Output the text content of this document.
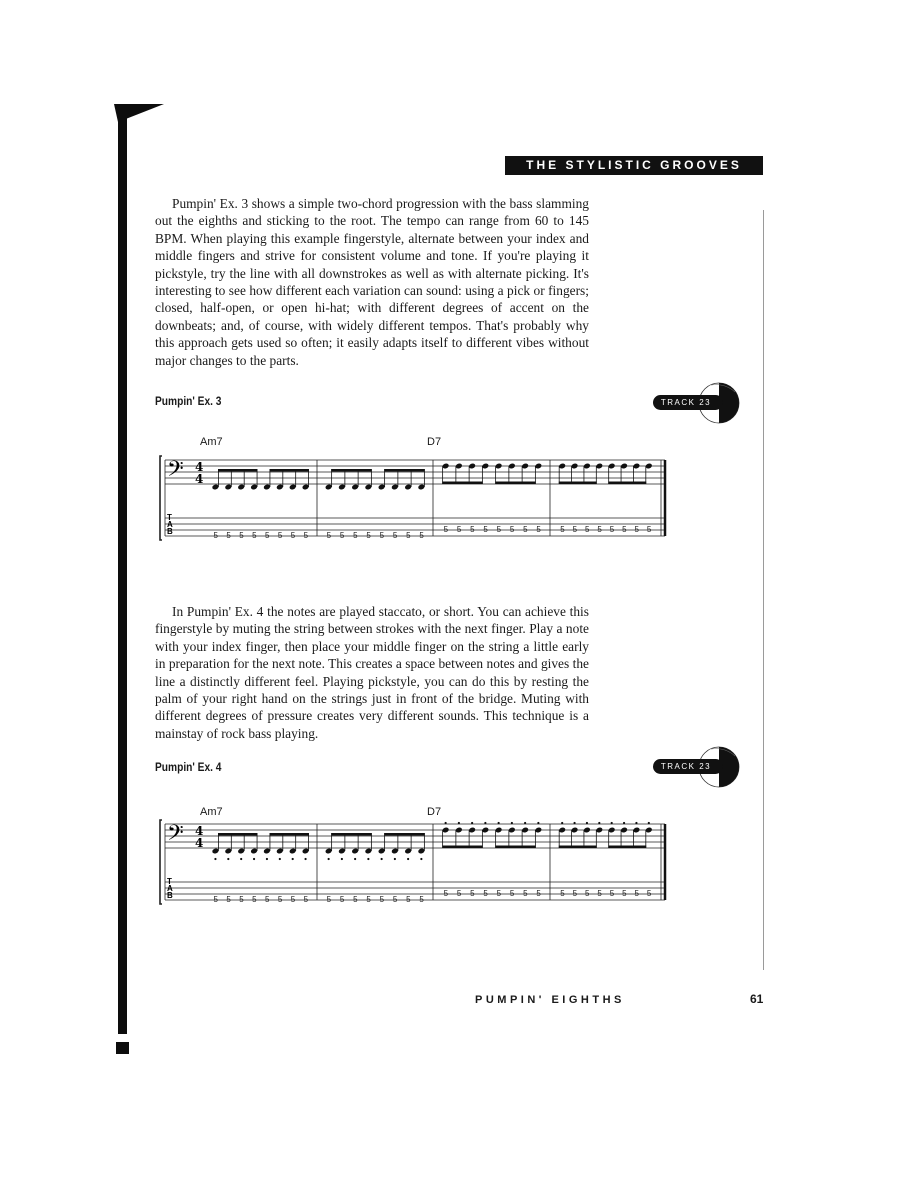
THE STYLISTIC GROOVES

Pumpin' Ex. 3 shows a simple two-chord progression with the bass slamming out the eighths and sticking to the root. The tempo can range from 60 to 145 BPM. When playing this example fingerstyle, alternate between your index and middle fingers and strive for consistent volume and tone. If you're playing it pickstyle, try the line with all downstrokes as well as with alternate picking. It's interesting to see how different each variation can sound: using a pick or fingers; closed, half-open, or open hi-hat; with different degrees of accent on the downbeats; and, of course, with widely different tempos. That's probably why this approach gets used so often; it easily adapts itself to different vibes without major changes to the parts.

Pumpin' Ex. 3	TRACK 23
Am7	D7
𝄢 4
4
T
A
B	5 5 5 5 5 5 5 5 5 5 5 5 5 5 5 5
5 5 5 5 5 5 5 5 5 5 5 5 5 5 5 5

In Pumpin' Ex. 4 the notes are played staccato, or short. You can achieve this fingerstyle by muting the string between strokes with the next finger. Play a note with your index finger, then place your middle finger on the string a little early in preparation for the next note. This creates a space between notes and gives the line a distinctly different feel. Playing pickstyle, you can do this by resting the palm of your right hand on the strings just in front of the bridge. Muting with different degrees of pressure creates very different sounds. This technique is a mainstay of rock bass playing.

Pumpin' Ex. 4	TRACK 23
Am7	D7
𝄢 4
4
T
A
B	5 5 5 5 5 5 5 5 5 5 5 5 5 5 5 5
5 5 5 5 5 5 5 5 5 5 5 5 5 5 5 5
PUMPIN' EIGHTHS	61
